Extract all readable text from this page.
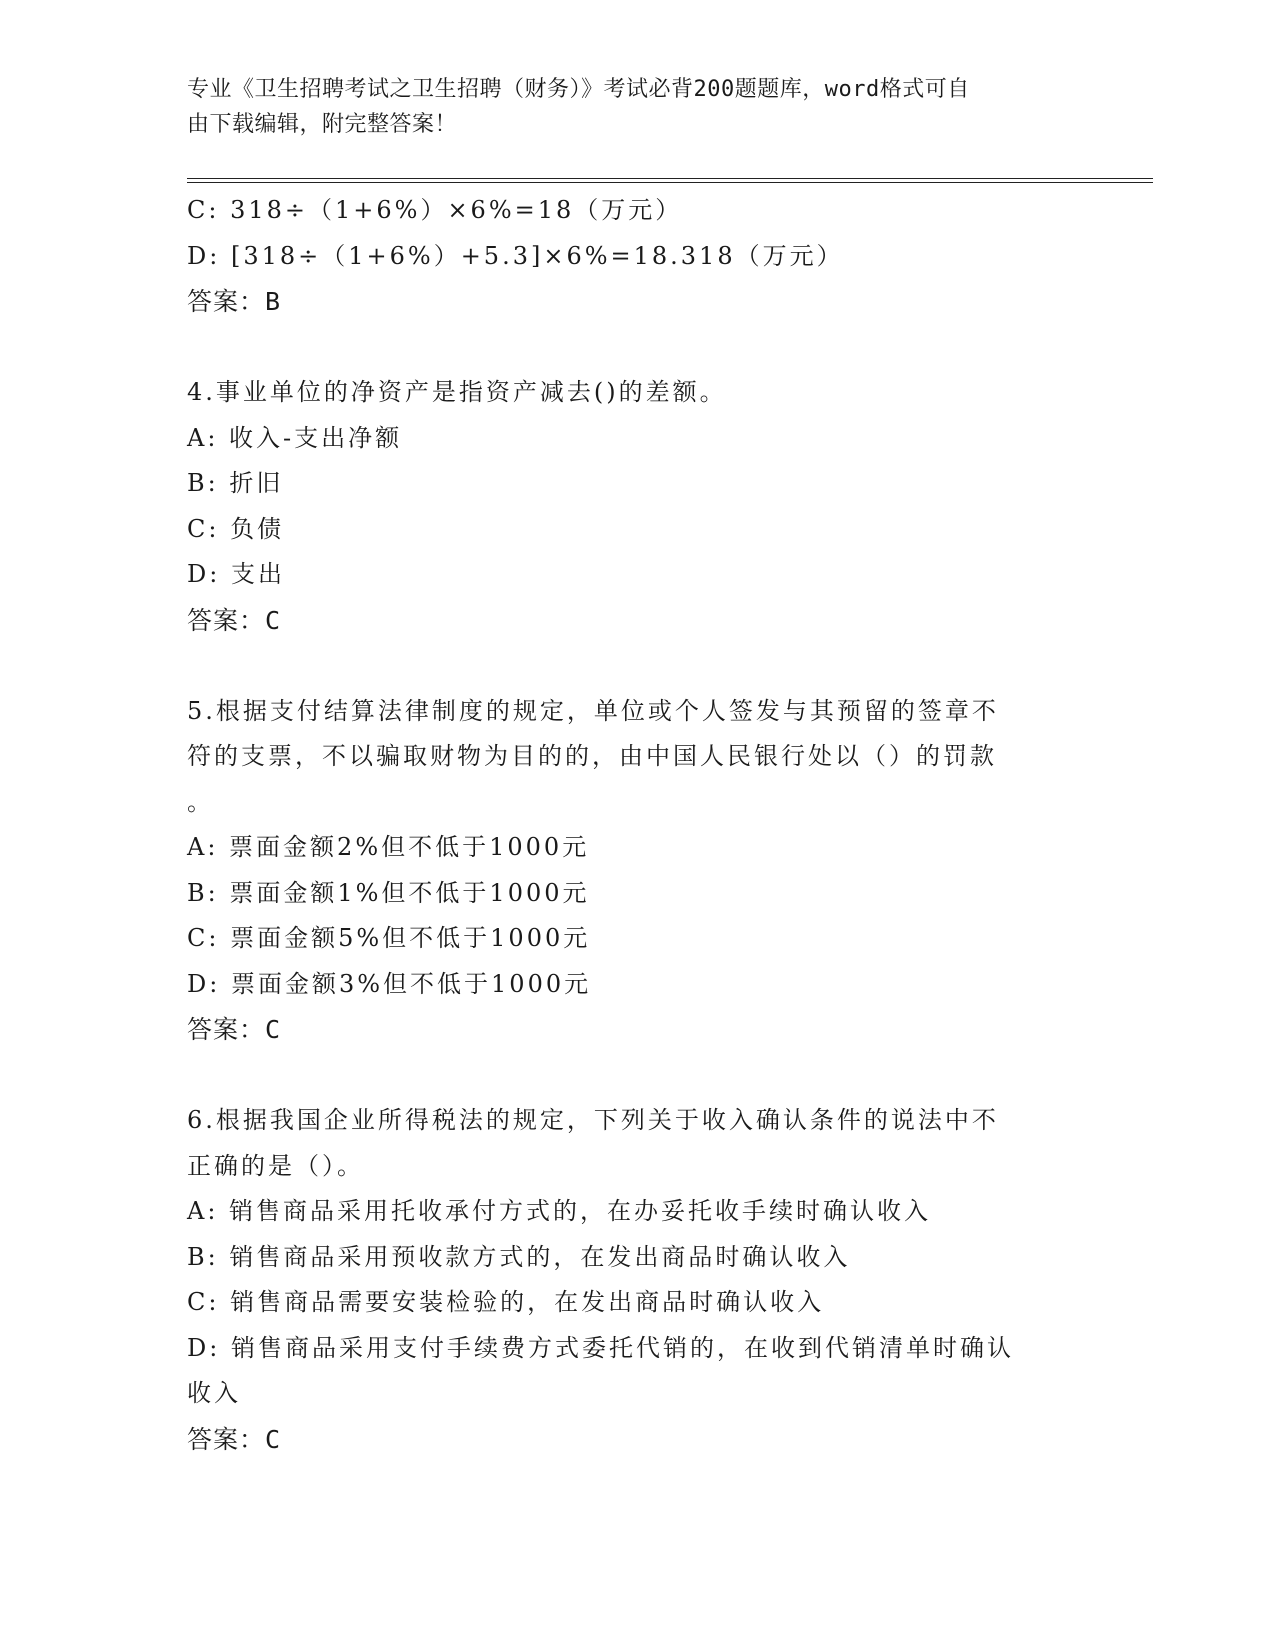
专业《卫生招聘考试之卫生招聘（财务）》考试必背200题题库，word格式可自
由下载编辑，附完整答案！
C: 318÷（1+6%）×6%=18（万元）
D: [318÷（1+6%）+5.3]×6%=18.318（万元）
答案：B
4.事业单位的净资产是指资产减去()的差额。
A: 收入-支出净额
B: 折旧
C: 负债
D: 支出
答案：C
5.根据支付结算法律制度的规定，单位或个人签发与其预留的签章不
符的支票，不以骗取财物为目的的，由中国人民银行处以（）的罚款
。
A: 票面金额2%但不低于1000元
B: 票面金额1%但不低于1000元
C: 票面金额5%但不低于1000元
D: 票面金额3%但不低于1000元
答案：C
6.根据我国企业所得税法的规定，下列关于收入确认条件的说法中不
正确的是（）。
A: 销售商品采用托收承付方式的，在办妥托收手续时确认收入
B: 销售商品采用预收款方式的，在发出商品时确认收入
C: 销售商品需要安装检验的，在发出商品时确认收入
D: 销售商品采用支付手续费方式委托代销的，在收到代销清单时确认
收入
答案：C
